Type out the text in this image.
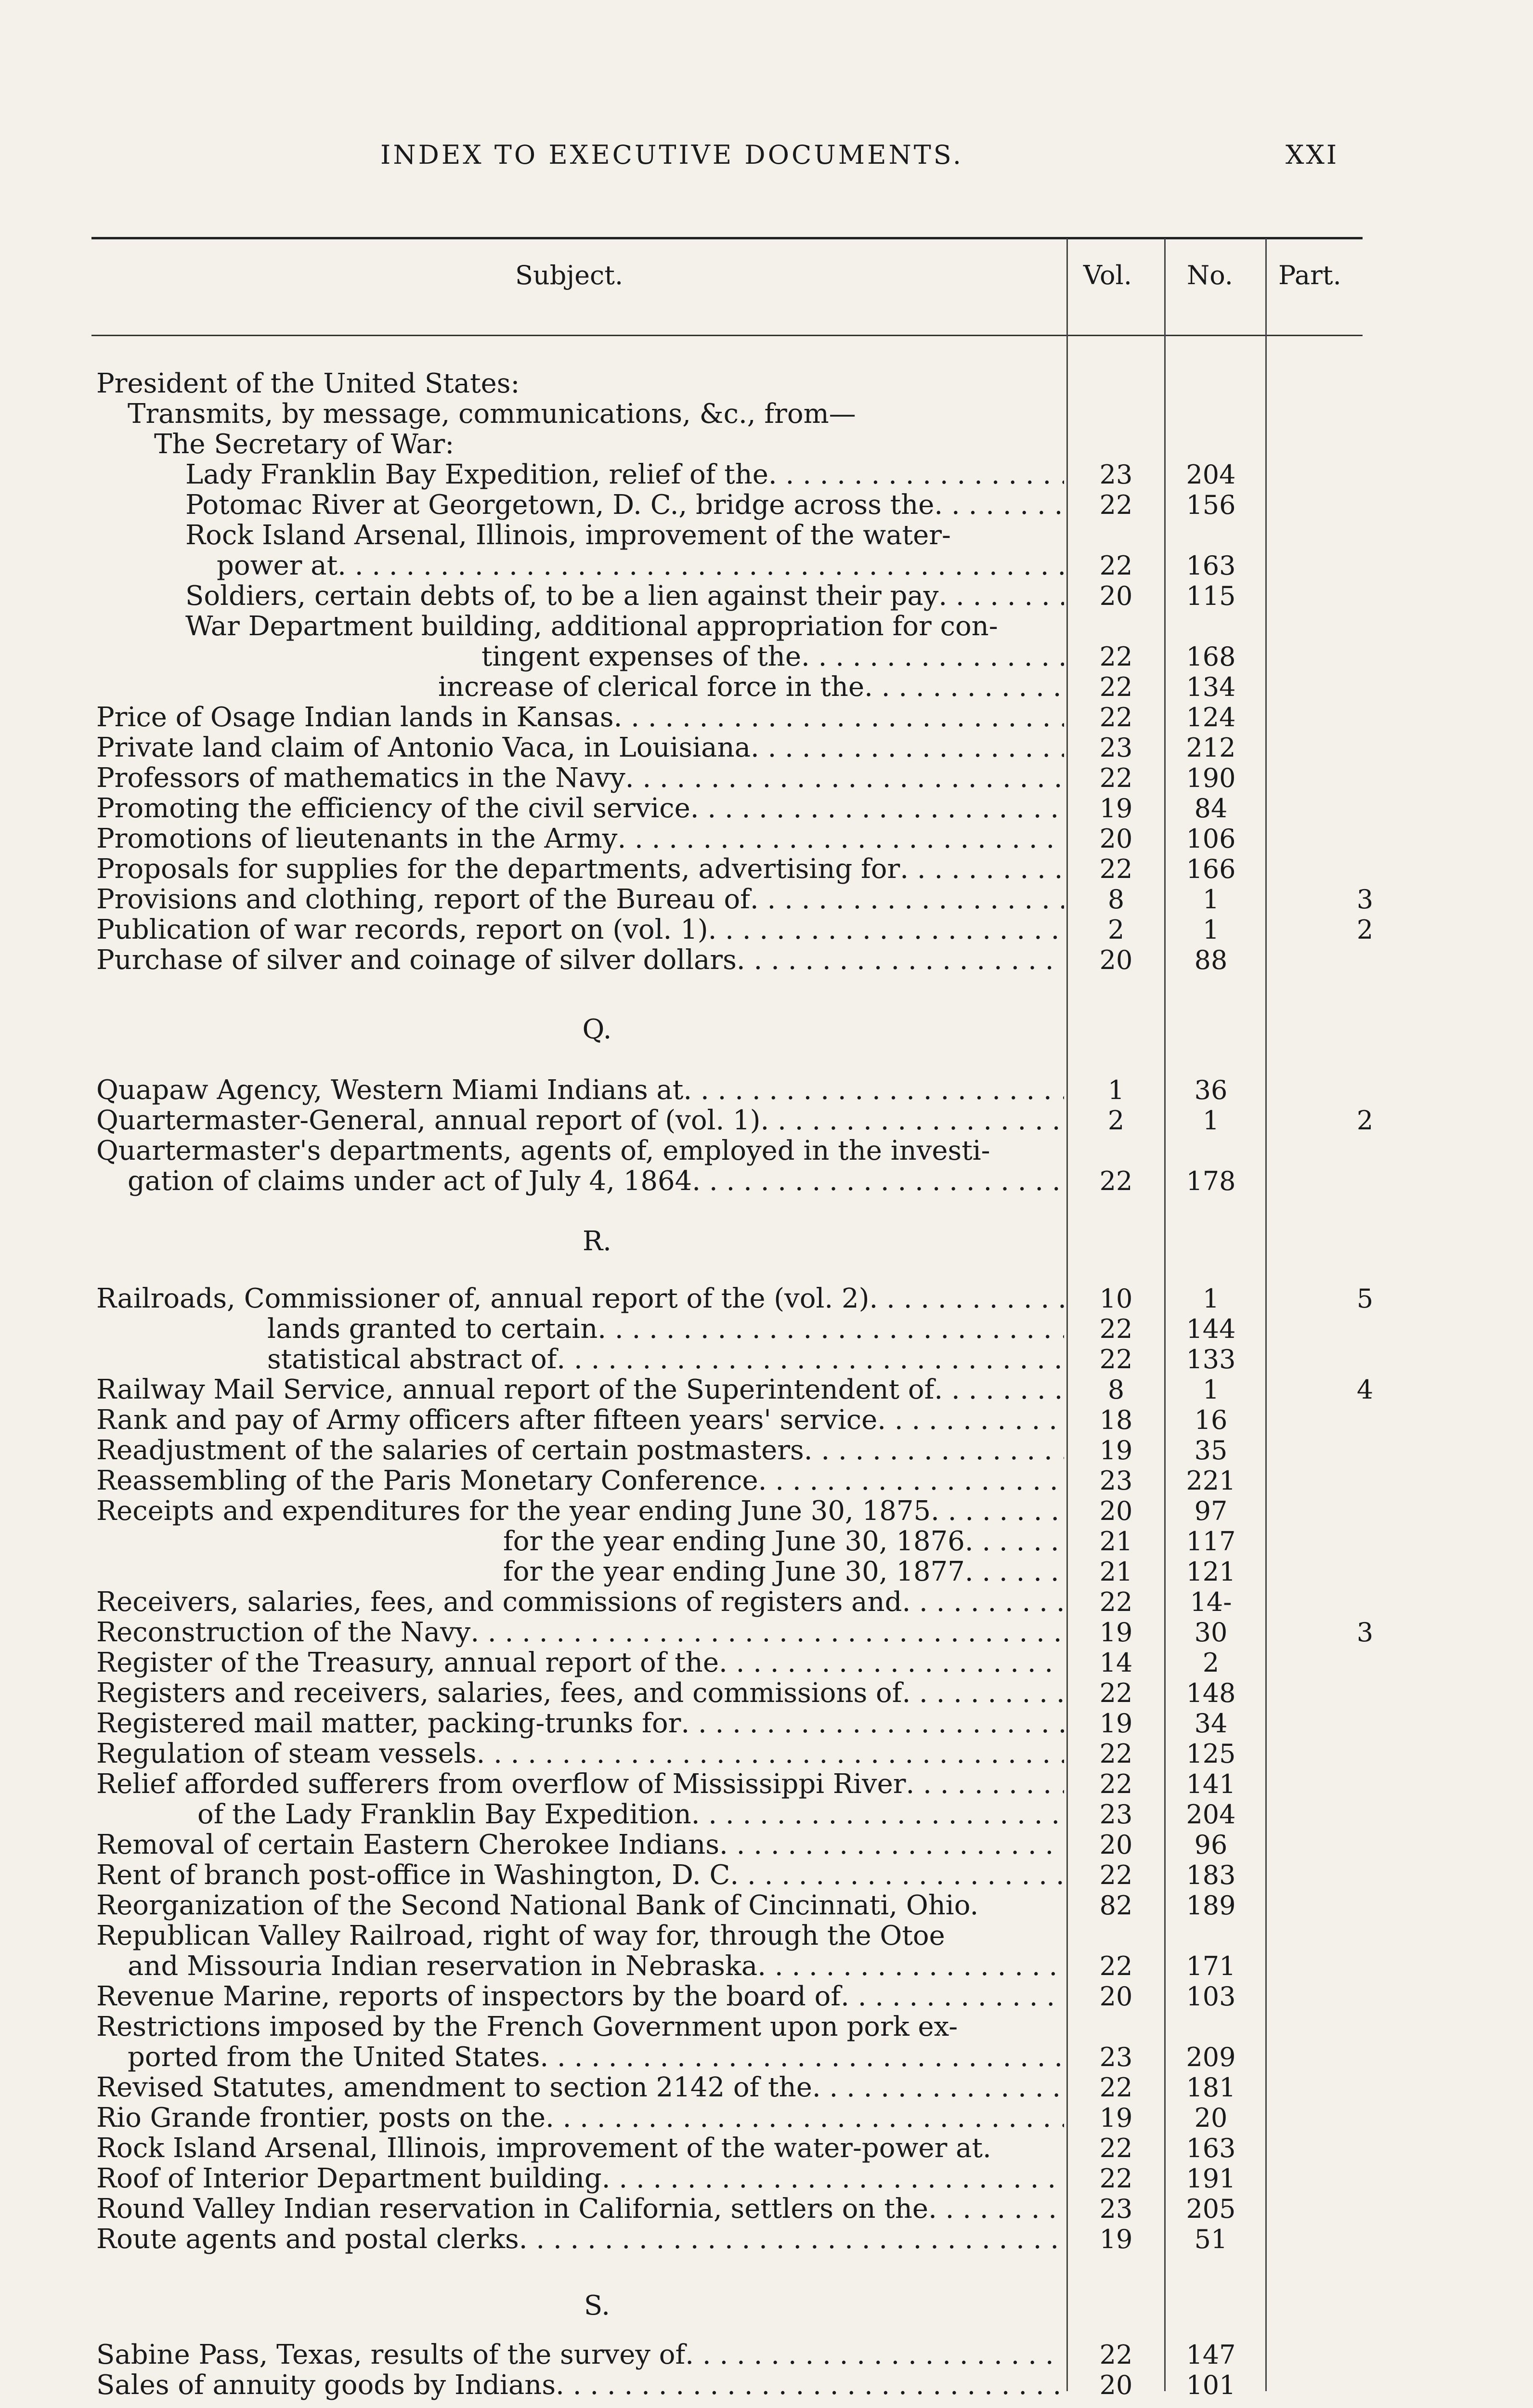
INDEX TO EXECUTIVE DOCUMENTS.	XXI
Subject.	Vol. No. Part.
President of the United States:
Transmits, by message, communications, &c., from—
The Secretary of War:
Lady Franklin Bay Expedition, relief of the . . .	23	204
Potomac River at Georgetown, D. C., bridge across the . . .	22	156
Rock Island Arsenal, Illinois, improvement of the water-
power at . . .	22	163
Soldiers, certain debts of, to be a lien against their pay . . .	20	115
War Department building, additional appropriation for con-
tingent expenses of the . . .	22	168
increase of clerical force in the . . .	22	134
Price of Osage Indian lands in Kansas . . .	22	124
Private land claim of Antonio Vaca, in Louisiana . . .	23	212
Professors of mathematics in the Navy . . .	22	190
Promoting the efficiency of the civil service . . .	19	84
Promotions of lieutenants in the Army . . .	20	106
Proposals for supplies for the departments, advertising for . . .	22	166
Provisions and clothing, report of the Bureau of . . .	8	1	3
Publication of war records, report on (vol. 1) . . .	2	1	2
Purchase of silver and coinage of silver dollars . . .	20	88
Quapaw Agency, Western Miami Indians at . . .	1	36
Quartermaster-General, annual report of (vol. 1) . . .	2	1	2
Quartermaster's departments, agents of, employed in the investi-
gation of claims under act of July 4, 1864 . . .	22	178
Railroads, Commissioner of, annual report of the (vol. 2) . . .	10	1	5
lands granted to certain . . .	22	144
statistical abstract of . . .	22	133
Railway Mail Service, annual report of the Superintendent of . . .	8	1	4
Rank and pay of Army officers after fifteen years' service . . .	18	16
Readjustment of the salaries of certain postmasters . . .	19	35
Reassembling of the Paris Monetary Conference . . .	23	221
Receipts and expenditures for the year ending June 30, 1875 . . .	20	97
for the year ending June 30, 1876 . . .	21	117
for the year ending June 30, 1877 . . .	21	121
Receivers, salaries, fees, and commissions of registers and . . .	22	14-
Reconstruction of the Navy . . .	19	30	3
Register of the Treasury, annual report of the . . .	14	2
Registers and receivers, salaries, fees, and commissions of . . .	22	148
Registered mail matter, packing-trunks for . . .	19	34
Regulation of steam vessels . . .	22	125
Relief afforded sufferers from overflow of Mississippi River . . .	22	141
of the Lady Franklin Bay Expedition . . .	23	204
Removal of certain Eastern Cherokee Indians . . .	20	96
Rent of branch post-office in Washington, D. C . . .	22	183
Reorganization of the Second National Bank of Cincinnati, Ohio.	82	189
Republican Valley Railroad, right of way for, through the Otoe
and Missouria Indian reservation in Nebraska . . .	22	171
Revenue Marine, reports of inspectors by the board of . . .	20	103
Restrictions imposed by the French Government upon pork ex-
ported from the United States . . .	23	209
Revised Statutes, amendment to section 2142 of the . . .	22	181
Rio Grande frontier, posts on the . . .	19	20
Rock Island Arsenal, Illinois, improvement of the water-power at.	22	163
Roof of Interior Department building . . .	22	191
Round Valley Indian reservation in California, settlers on the . . .	23	205
Route agents and postal clerks . . .	19	51
Sabine Pass, Texas, results of the survey of . . .	22	147
Sales of annuity goods by Indians . . .	20	101
Q.
R.
S.
